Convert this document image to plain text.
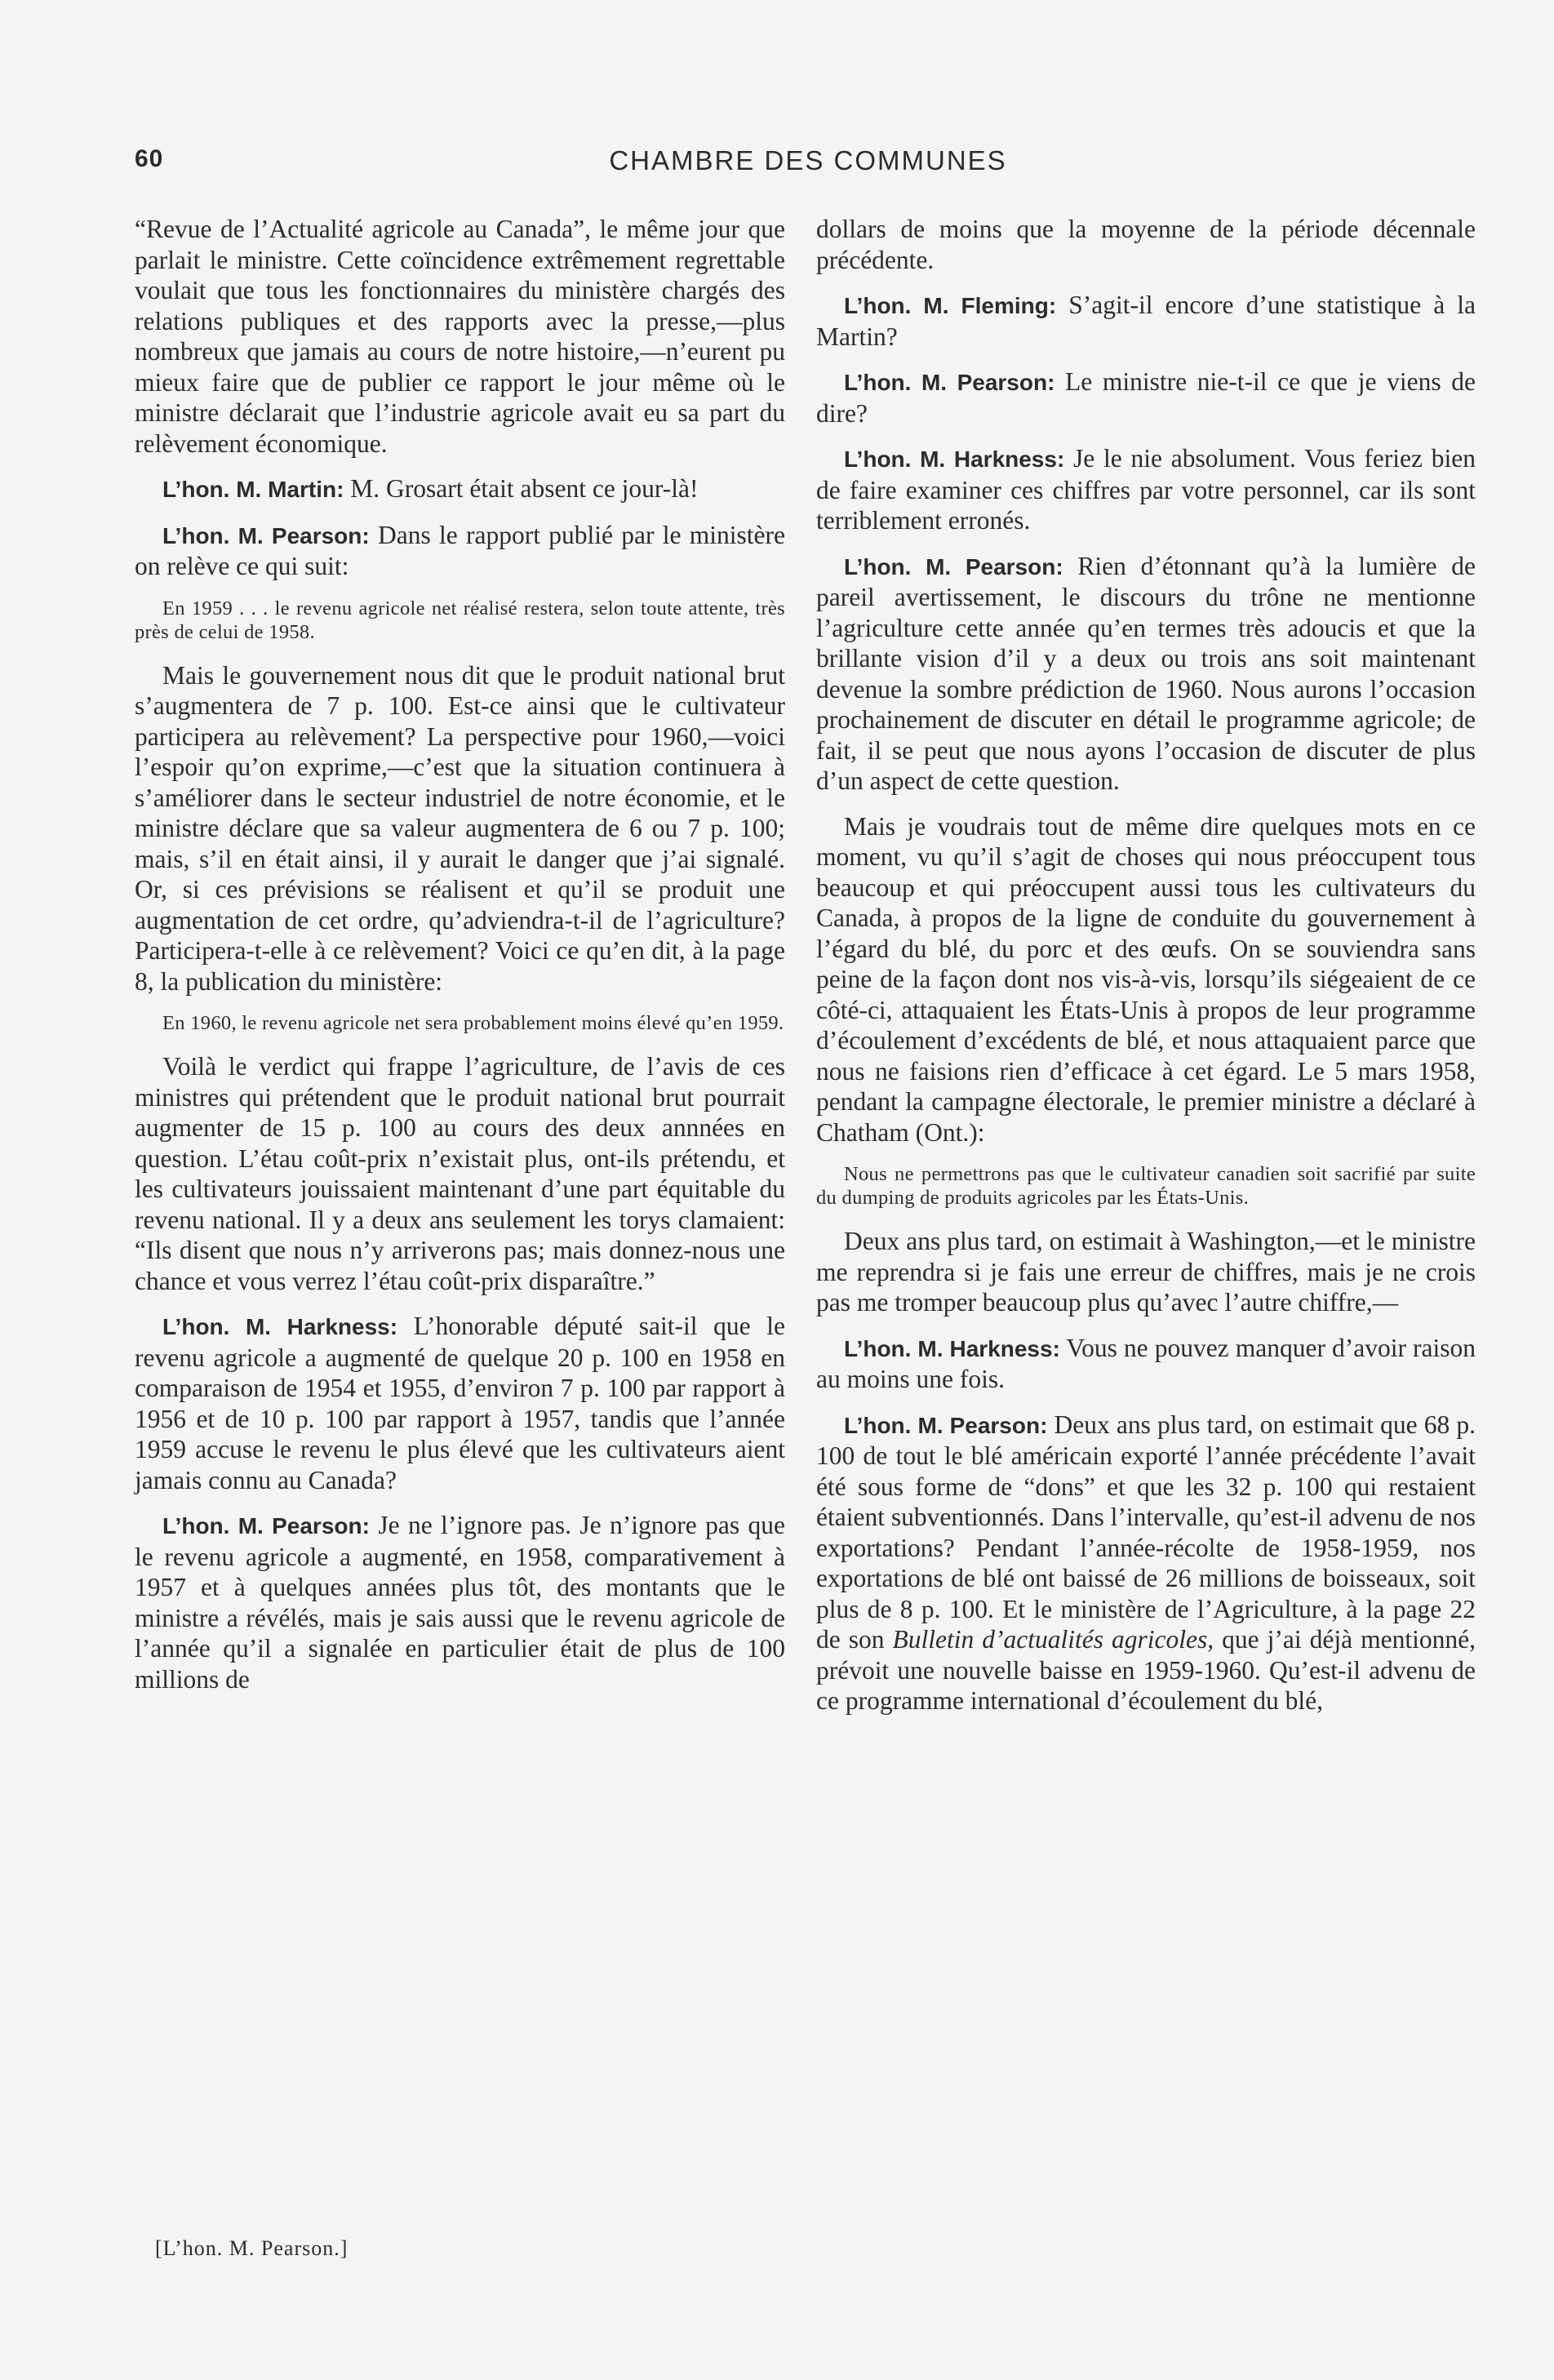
60	CHAMBRE DES COMMUNES

“Revue de l’Actualité agricole au Canada”, le même jour que parlait le ministre. Cette coïncidence extrêmement regrettable voulait que tous les fonctionnaires du ministère chargés des relations publiques et des rapports avec la presse,—plus nombreux que jamais au cours de notre histoire,—n’eurent pu mieux faire que de publier ce rapport le jour même où le ministre déclarait que l’industrie agricole avait eu sa part du relèvement économique.

L’hon. M. Martin: M. Grosart était absent ce jour-là!

L’hon. M. Pearson: Dans le rapport publié par le ministère on relève ce qui suit:

En 1959 . . . le revenu agricole net réalisé restera, selon toute attente, très près de celui de 1958.

Mais le gouvernement nous dit que le produit national brut s’augmentera de 7 p. 100. Est-ce ainsi que le cultivateur participera au relèvement? La perspective pour 1960,—voici l’espoir qu’on exprime,—c’est que la situation continuera à s’améliorer dans le secteur industriel de notre économie, et le ministre déclare que sa valeur augmentera de 6 ou 7 p. 100; mais, s’il en était ainsi, il y aurait le danger que j’ai signalé. Or, si ces prévisions se réalisent et qu’il se produit une augmentation de cet ordre, qu’adviendra-t-il de l’agriculture? Participera-t-elle à ce relèvement? Voici ce qu’en dit, à la page 8, la publication du ministère:

En 1960, le revenu agricole net sera probablement moins élevé qu’en 1959.

Voilà le verdict qui frappe l’agriculture, de l’avis de ces ministres qui prétendent que le produit national brut pourrait augmenter de 15 p. 100 au cours des deux annnées en question. L’étau coût-prix n’existait plus, ont-ils prétendu, et les cultivateurs jouissaient maintenant d’une part équitable du revenu national. Il y a deux ans seulement les torys clamaient: “Ils disent que nous n’y arriverons pas; mais donnez-nous une chance et vous verrez l’étau coût-prix disparaître.”

L’hon. M. Harkness: L’honorable député sait-il que le revenu agricole a augmenté de quelque 20 p. 100 en 1958 en comparaison de 1954 et 1955, d’environ 7 p. 100 par rapport à 1956 et de 10 p. 100 par rapport à 1957, tandis que l’année 1959 accuse le revenu le plus élevé que les cultivateurs aient jamais connu au Canada?

L’hon. M. Pearson: Je ne l’ignore pas. Je n’ignore pas que le revenu agricole a augmenté, en 1958, comparativement à 1957 et à quelques années plus tôt, des montants que le ministre a révélés, mais je sais aussi que le revenu agricole de l’année qu’il a signalée en particulier était de plus de 100 millions de

dollars de moins que la moyenne de la période décennale précédente.

L’hon. M. Fleming: S’agit-il encore d’une statistique à la Martin?

L’hon. M. Pearson: Le ministre nie-t-il ce que je viens de dire?

L’hon. M. Harkness: Je le nie absolument. Vous feriez bien de faire examiner ces chiffres par votre personnel, car ils sont terriblement erronés.

L’hon. M. Pearson: Rien d’étonnant qu’à la lumière de pareil avertissement, le discours du trône ne mentionne l’agriculture cette année qu’en termes très adoucis et que la brillante vision d’il y a deux ou trois ans soit maintenant devenue la sombre prédiction de 1960. Nous aurons l’occasion prochainement de discuter en détail le programme agricole; de fait, il se peut que nous ayons l’occasion de discuter de plus d’un aspect de cette question.

Mais je voudrais tout de même dire quelques mots en ce moment, vu qu’il s’agit de choses qui nous préoccupent tous beaucoup et qui préoccupent aussi tous les cultivateurs du Canada, à propos de la ligne de conduite du gouvernement à l’égard du blé, du porc et des œufs. On se souviendra sans peine de la façon dont nos vis-à-vis, lorsqu’ils siégeaient de ce côté-ci, attaquaient les États-Unis à propos de leur programme d’écoulement d’excédents de blé, et nous attaquaient parce que nous ne faisions rien d’efficace à cet égard. Le 5 mars 1958, pendant la campagne électorale, le premier ministre a déclaré à Chatham (Ont.):

Nous ne permettrons pas que le cultivateur canadien soit sacrifié par suite du dumping de produits agricoles par les États-Unis.

Deux ans plus tard, on estimait à Washington,—et le ministre me reprendra si je fais une erreur de chiffres, mais je ne crois pas me tromper beaucoup plus qu’avec l’autre chiffre,—

L’hon. M. Harkness: Vous ne pouvez manquer d’avoir raison au moins une fois.

L’hon. M. Pearson: Deux ans plus tard, on estimait que 68 p. 100 de tout le blé américain exporté l’année précédente l’avait été sous forme de “dons” et que les 32 p. 100 qui restaient étaient subventionnés. Dans l’intervalle, qu’est-il advenu de nos exportations? Pendant l’année-récolte de 1958-1959, nos exportations de blé ont baissé de 26 millions de boisseaux, soit plus de 8 p. 100. Et le ministère de l’Agriculture, à la page 22 de son Bulletin d’actualités agricoles, que j’ai déjà mentionné, prévoit une nouvelle baisse en 1959-1960. Qu’est-il advenu de ce programme international d’écoulement du blé,

[L’hon. M. Pearson.]
